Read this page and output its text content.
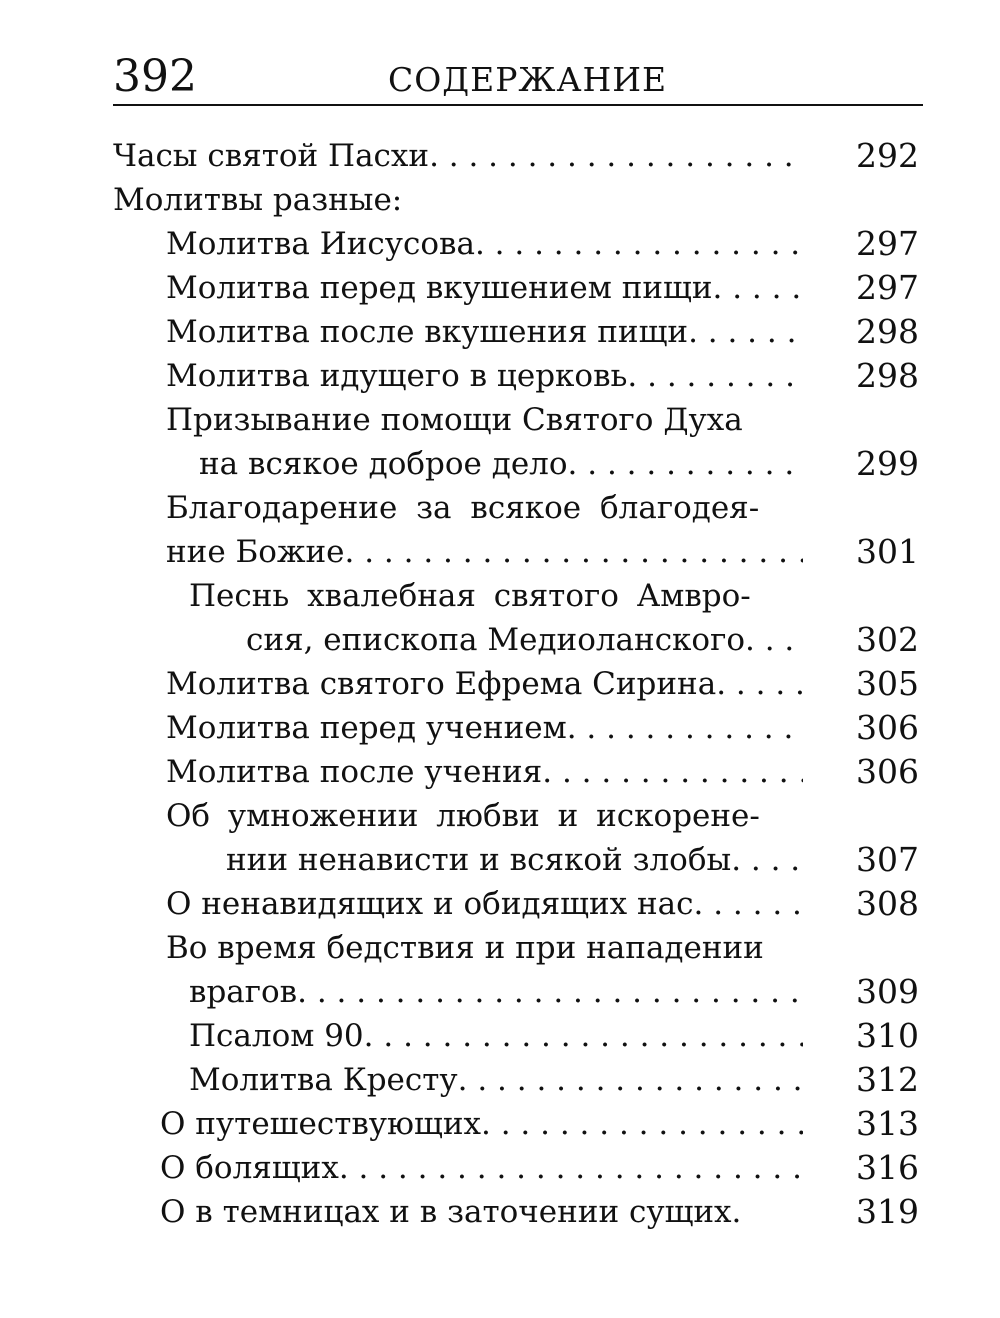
392	СОДЕРЖАНИЕ
Часы святой Пасхи . . .	292
Молитвы разные:
Молитва Иисусова . . .	297
Молитва перед вкушением пищи . . .	297
Молитва после вкушения пищи . . .	298
Молитва идущего в церковь . . .	298
Призывание помощи Святого Духа
на всякое доброе дело . . .	299
Благодарение за всякое благодея-
ние Божие . . .	301
Песнь хвалебная святого Амвро-
сия, епископа Медиоланского . . .	302
Молитва святого Ефрема Сирина . . .	305
Молитва перед учением . . .	306
Молитва после учения . . .	306
Об умножении любви и искорене-
нии ненависти и всякой злобы . . .	307
О ненавидящих и обидящих нас . . .	308
Во время бедствия и при нападении
врагов . . .	309
Псалом 90 . . .	310
Молитва Кресту . . .	312
О путешествующих . . .	313
О болящих . . .	316
О в темницах и в заточении сущих.	319
